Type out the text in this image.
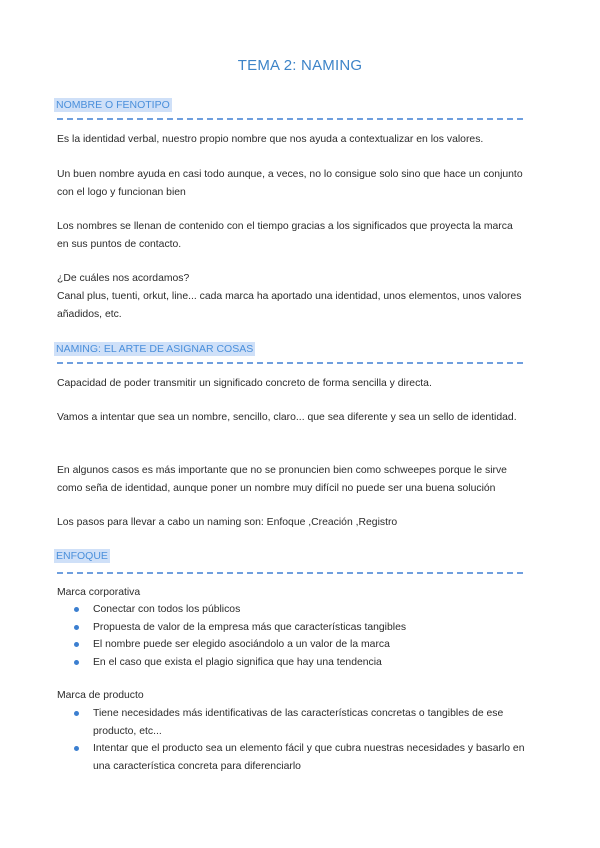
TEMA 2: NAMING
NOMBRE O FENOTIPO
Es la identidad verbal, nuestro propio nombre que nos ayuda a contextualizar en los valores.
Un buen nombre ayuda en casi todo aunque, a veces, no lo consigue solo sino que hace un conjunto con el logo y funcionan bien
Los nombres se llenan de contenido con el tiempo gracias a los significados que proyecta la marca en sus puntos de contacto.
¿De cuáles nos acordamos?
Canal plus, tuenti, orkut, line... cada marca ha aportado una identidad, unos elementos, unos valores añadidos, etc.
NAMING: EL ARTE DE ASIGNAR COSAS
Capacidad de poder transmitir un significado concreto de forma sencilla y directa.
Vamos a intentar que sea un nombre, sencillo, claro... que sea diferente y sea un sello de identidad.
En algunos casos es más importante que no se pronuncien bien como schweepes porque le sirve como seña de identidad, aunque poner un nombre muy difícil no puede ser una buena solución
Los pasos para llevar a cabo un naming son: Enfoque ,Creación ,Registro
ENFOQUE
Marca corporativa
Conectar con todos los públicos
Propuesta de valor de la empresa más que características tangibles
El nombre puede ser elegido asociándolo a un valor de la marca
En el caso que exista el plagio significa que hay una tendencia
Marca de producto
Tiene necesidades más identificativas de las características concretas o tangibles de ese producto, etc...
Intentar que el producto sea un elemento fácil y que cubra nuestras necesidades y basarlo en una característica concreta para diferenciarlo
